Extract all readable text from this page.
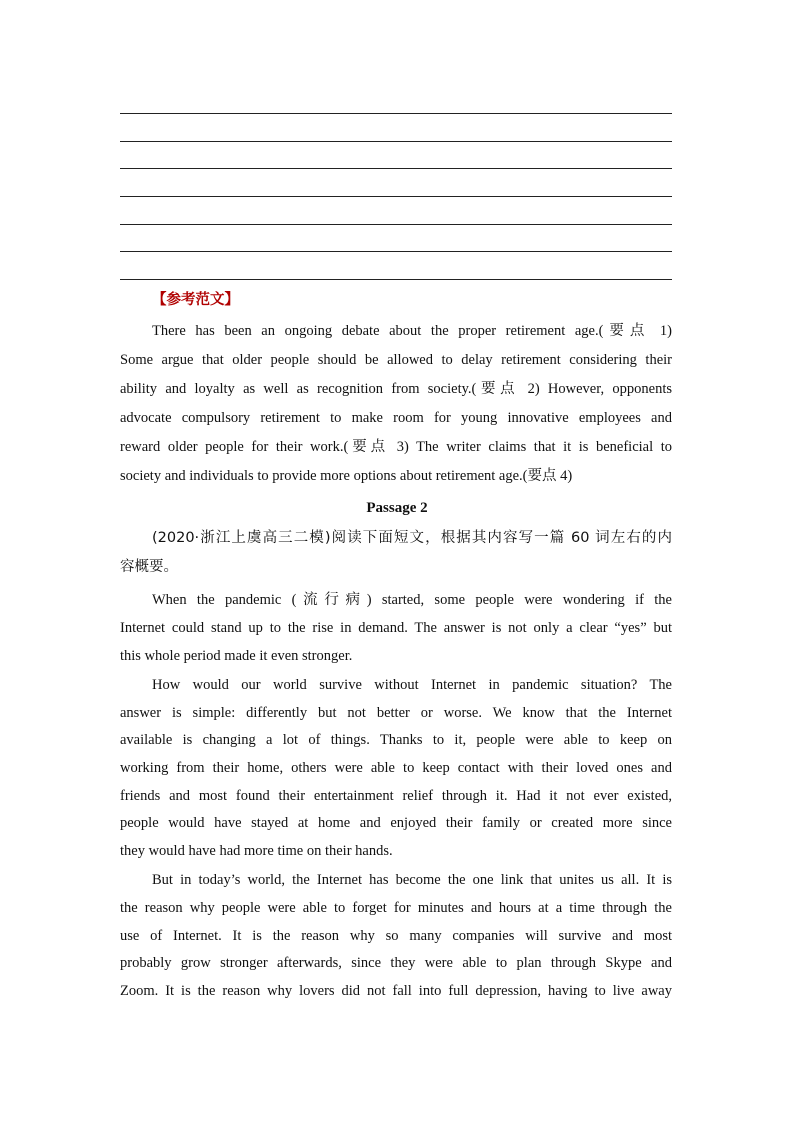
【参考范文】
There has been an ongoing debate about the proper retirement age.(要点 1)
Some argue that older people should be allowed to delay retirement considering their
ability and loyalty as well as recognition from society.(要点 2) However, opponents
advocate compulsory retirement to make room for young innovative employees and
reward older people for their work.(要点 3) The writer claims that it is beneficial to
society and individuals to provide more options about retirement age.(要点 4)
Passage 2
(2020·浙江上虞高三二模)阅读下面短文，根据其内容写一篇 60 词左右的内
容概要。
When the pandemic (流行病) started, some people were wondering if the
Internet could stand up to the rise in demand. The answer is not only a clear “yes” but
this whole period made it even stronger.
How would our world survive without Internet in pandemic situation? The
answer is simple: differently but not better or worse. We know that the Internet
available is changing a lot of things. Thanks to it, people were able to keep on
working from their home, others were able to keep contact with their loved ones and
friends and most found their entertainment relief through it. Had it not ever existed,
people would have stayed at home and enjoyed their family or created more since
they would have had more time on their hands.
But in today’s world, the Internet has become the one link that unites us all. It is
the reason why people were able to forget for minutes and hours at a time through the
use of Internet. It is the reason why so many companies will survive and most
probably grow stronger afterwards, since they were able to plan through Skype and
Zoom. It is the reason why lovers did not fall into full depression, having to live away
